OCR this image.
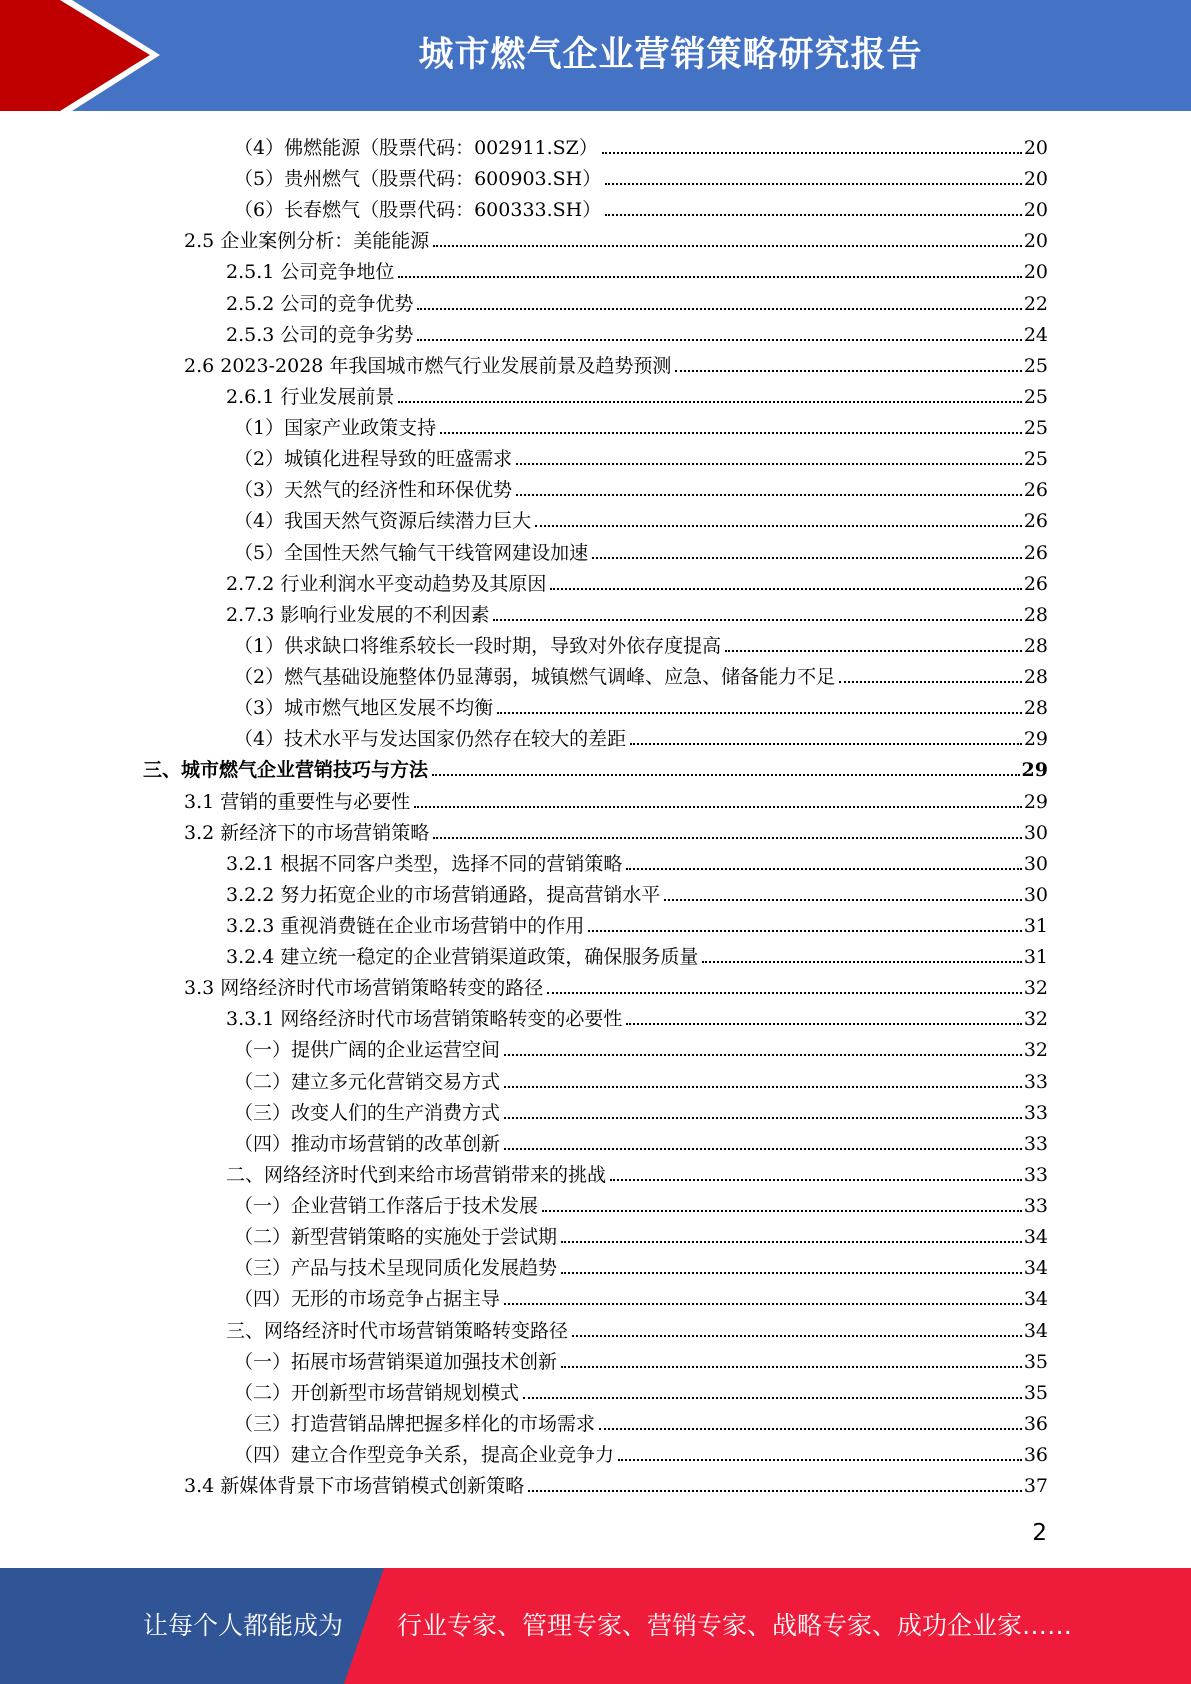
城市燃气企业营销策略研究报告
（4）佛燃能源（股票代码：002911.SZ）	20
（5）贵州燃气（股票代码：600903.SH）	20
（6）长春燃气（股票代码：600333.SH）	20
2.5 企业案例分析：美能能源	20
2.5.1 公司竞争地位	20
2.5.2 公司的竞争优势	22
2.5.3 公司的竞争劣势	24
2.6 2023-2028 年我国城市燃气行业发展前景及趋势预测	25
2.6.1 行业发展前景	25
（1）国家产业政策支持	25
（2）城镇化进程导致的旺盛需求	25
（3）天然气的经济性和环保优势	26
（4）我国天然气资源后续潜力巨大	26
（5）全国性天然气输气干线管网建设加速	26
2.7.2 行业利润水平变动趋势及其原因	26
2.7.3 影响行业发展的不利因素	28
（1）供求缺口将维系较长一段时期，导致对外依存度提高	28
（2）燃气基础设施整体仍显薄弱，城镇燃气调峰、应急、储备能力不足	28
（3）城市燃气地区发展不均衡	28
（4）技术水平与发达国家仍然存在较大的差距	29
三、城市燃气企业营销技巧与方法	29
3.1 营销的重要性与必要性	29
3.2 新经济下的市场营销策略	30
3.2.1 根据不同客户类型，选择不同的营销策略	30
3.2.2 努力拓宽企业的市场营销通路，提高营销水平	30
3.2.3 重视消费链在企业市场营销中的作用	31
3.2.4 建立统一稳定的企业营销渠道政策，确保服务质量	31
3.3 网络经济时代市场营销策略转变的路径	32
3.3.1 网络经济时代市场营销策略转变的必要性	32
（一）提供广阔的企业运营空间	32
（二）建立多元化营销交易方式	33
（三）改变人们的生产消费方式	33
（四）推动市场营销的改革创新	33
二、网络经济时代到来给市场营销带来的挑战	33
（一）企业营销工作落后于技术发展	33
（二）新型营销策略的实施处于尝试期	34
（三）产品与技术呈现同质化发展趋势	34
（四）无形的市场竞争占据主导	34
三、网络经济时代市场营销策略转变路径	34
（一）拓展市场营销渠道加强技术创新	35
（二）开创新型市场营销规划模式	35
（三）打造营销品牌把握多样化的市场需求	36
（四）建立合作型竞争关系，提高企业竞争力	36
3.4 新媒体背景下市场营销模式创新策略	37
2
让每个人都能成为 行业专家、管理专家、营销专家、战略专家、成功企业家……
